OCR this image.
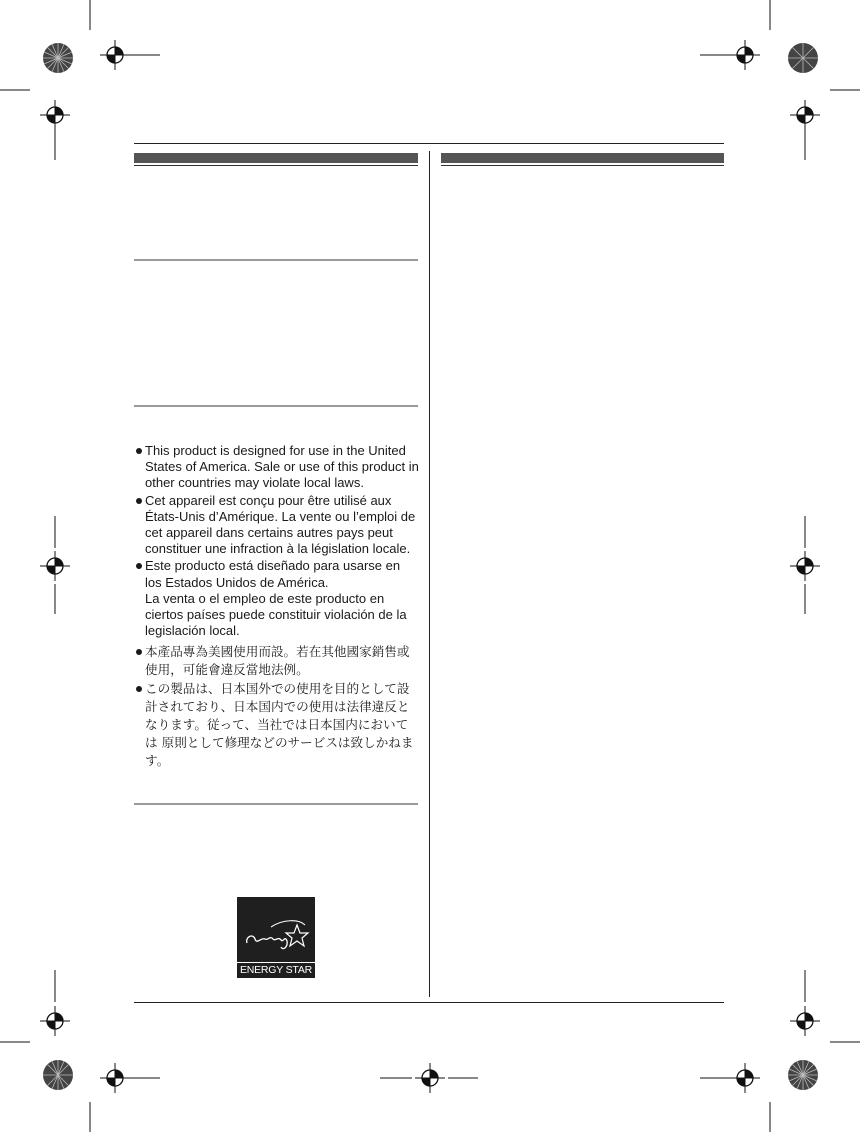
This product is designed for use in the United States of America. Sale or use of this product in other countries may violate local laws.
Cet appareil est conçu pour être utilisé aux États-Unis d’Amérique. La vente ou l’emploi de cet appareil dans certains autres pays peut constituer une infraction à la législation locale.
Este producto está diseñado para usarse en los Estados Unidos de América.
La venta o el empleo de este producto en ciertos países puede constituir violación de la legislación local.
本產品專為美國使用而設。若在其他國家銷售或使用，可能會違反當地法例。
この製品は、日本国外での使用を目的として設計されており、日本国内での使用は法律違反となります。従って、当社では日本国内においては 原則として修理などのサービスは致しかねます。
ENERGY STAR
